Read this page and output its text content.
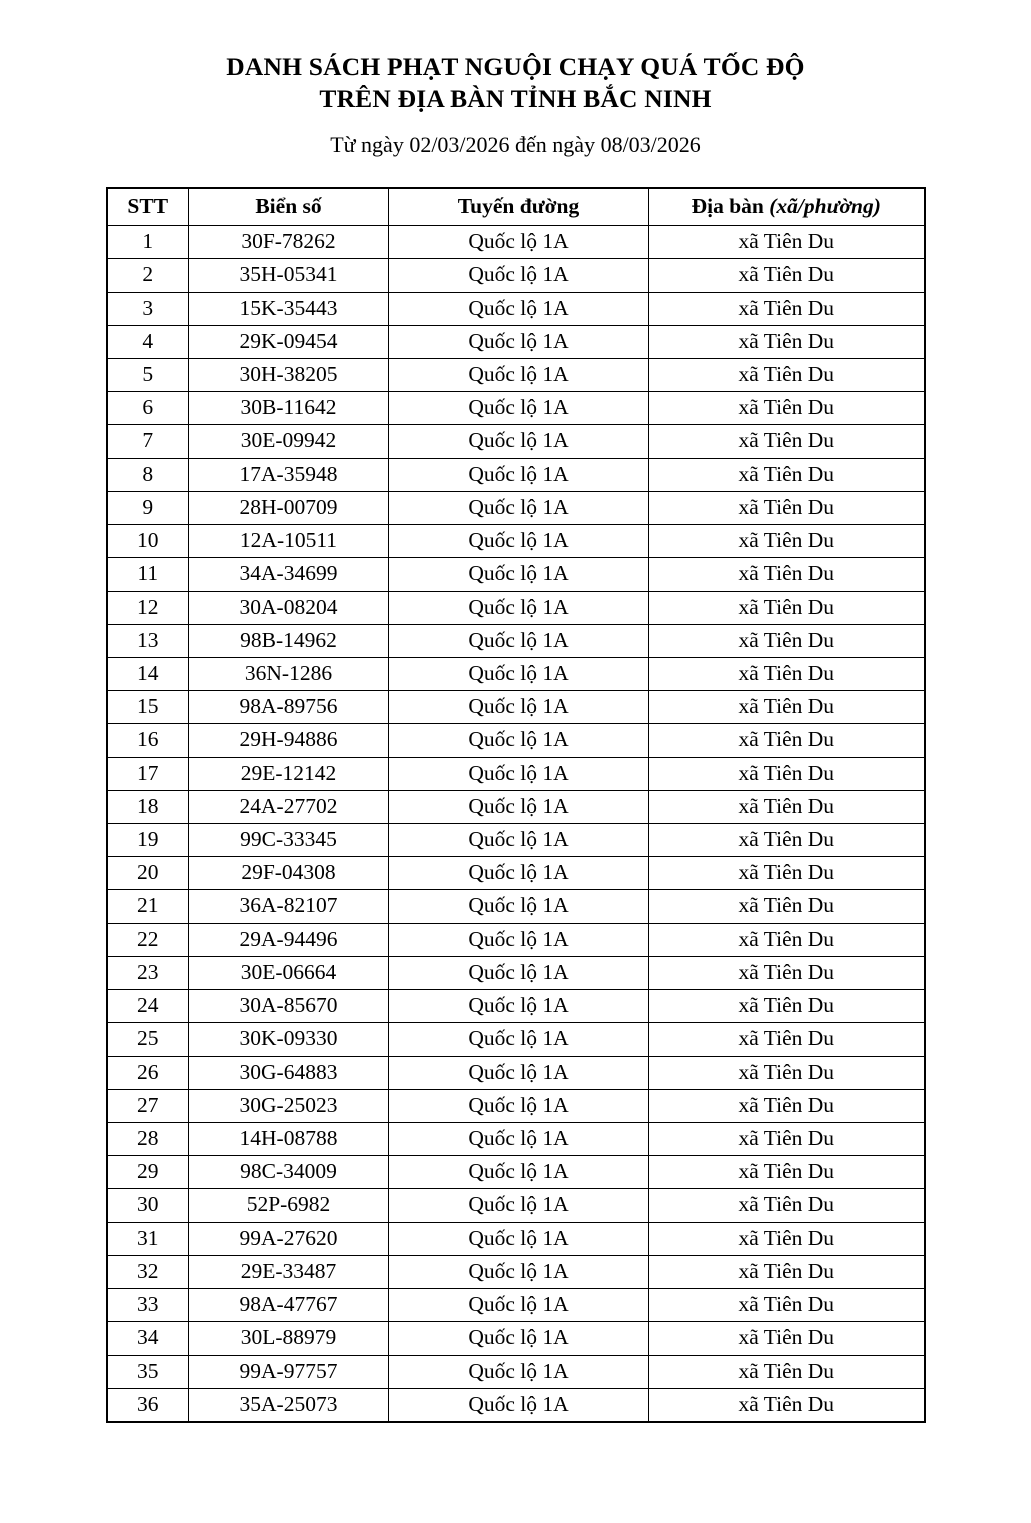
DANH SÁCH PHẠT NGUỘI CHẠY QUÁ TỐC ĐỘ
TRÊN ĐỊA BÀN TỈNH BẮC NINH
Từ ngày 02/03/2026 đến ngày 08/03/2026
STT	Biển số	Tuyến đường	Địa bàn (xã/phường)
1	30F-78262	Quốc lộ 1A	xã Tiên Du
2	35H-05341	Quốc lộ 1A	xã Tiên Du
3	15K-35443	Quốc lộ 1A	xã Tiên Du
4	29K-09454	Quốc lộ 1A	xã Tiên Du
5	30H-38205	Quốc lộ 1A	xã Tiên Du
6	30B-11642	Quốc lộ 1A	xã Tiên Du
7	30E-09942	Quốc lộ 1A	xã Tiên Du
8	17A-35948	Quốc lộ 1A	xã Tiên Du
9	28H-00709	Quốc lộ 1A	xã Tiên Du
10	12A-10511	Quốc lộ 1A	xã Tiên Du
11	34A-34699	Quốc lộ 1A	xã Tiên Du
12	30A-08204	Quốc lộ 1A	xã Tiên Du
13	98B-14962	Quốc lộ 1A	xã Tiên Du
14	36N-1286	Quốc lộ 1A	xã Tiên Du
15	98A-89756	Quốc lộ 1A	xã Tiên Du
16	29H-94886	Quốc lộ 1A	xã Tiên Du
17	29E-12142	Quốc lộ 1A	xã Tiên Du
18	24A-27702	Quốc lộ 1A	xã Tiên Du
19	99C-33345	Quốc lộ 1A	xã Tiên Du
20	29F-04308	Quốc lộ 1A	xã Tiên Du
21	36A-82107	Quốc lộ 1A	xã Tiên Du
22	29A-94496	Quốc lộ 1A	xã Tiên Du
23	30E-06664	Quốc lộ 1A	xã Tiên Du
24	30A-85670	Quốc lộ 1A	xã Tiên Du
25	30K-09330	Quốc lộ 1A	xã Tiên Du
26	30G-64883	Quốc lộ 1A	xã Tiên Du
27	30G-25023	Quốc lộ 1A	xã Tiên Du
28	14H-08788	Quốc lộ 1A	xã Tiên Du
29	98C-34009	Quốc lộ 1A	xã Tiên Du
30	52P-6982	Quốc lộ 1A	xã Tiên Du
31	99A-27620	Quốc lộ 1A	xã Tiên Du
32	29E-33487	Quốc lộ 1A	xã Tiên Du
33	98A-47767	Quốc lộ 1A	xã Tiên Du
34	30L-88979	Quốc lộ 1A	xã Tiên Du
35	99A-97757	Quốc lộ 1A	xã Tiên Du
36	35A-25073	Quốc lộ 1A	xã Tiên Du
